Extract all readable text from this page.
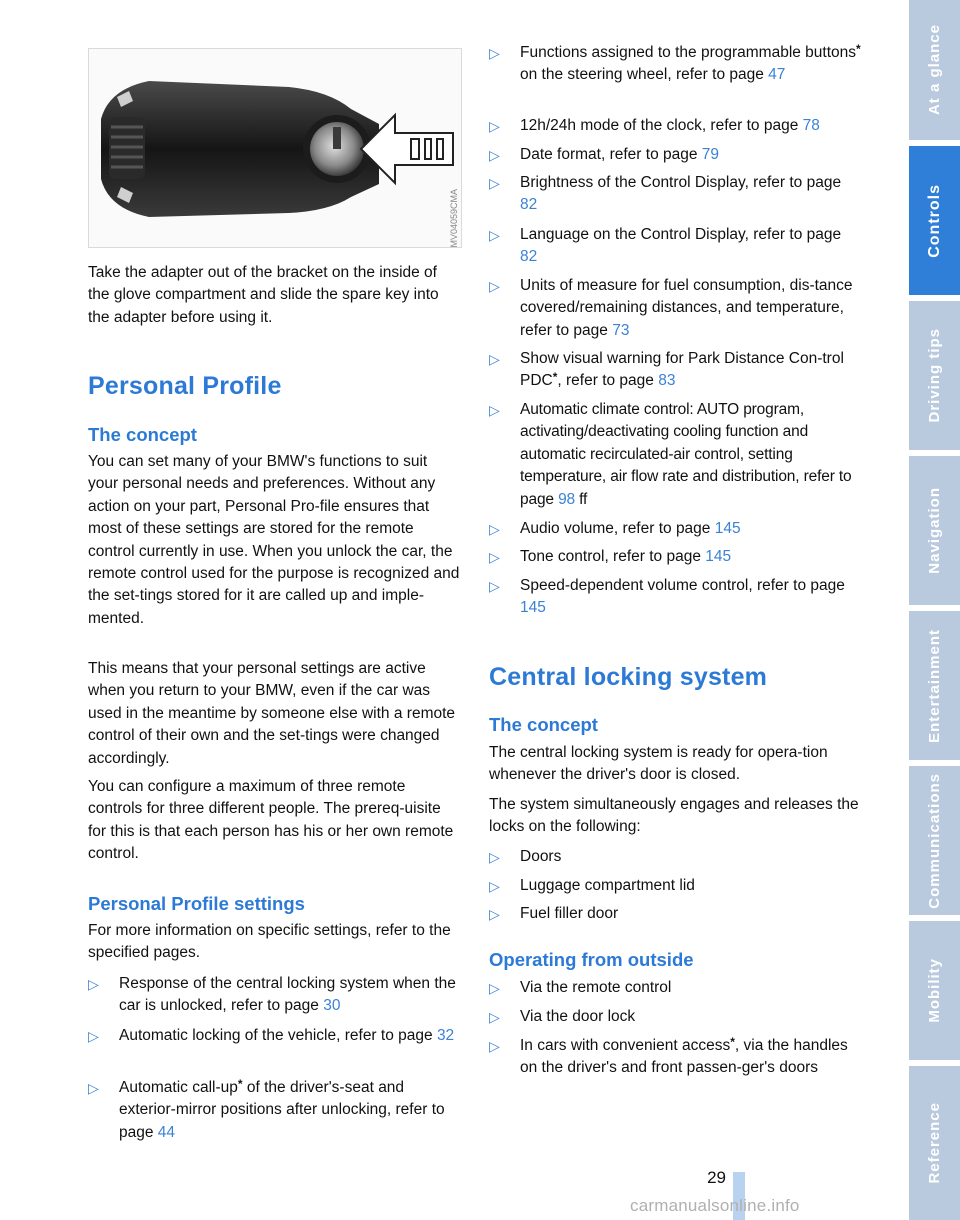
MV04059CMA

Take the adapter out of the bracket on the inside of the glove compartment and slide the spare key into the adapter before using it.

Personal Profile
The concept

You can set many of your BMW's functions to suit your personal needs and preferences. Without any action on your part, Personal Pro-file ensures that most of these settings are stored for the remote control currently in use. When you unlock the car, the remote control used for the purpose is recognized and the set-tings stored for it are called up and imple-mented.

This means that your personal settings are active when you return to your BMW, even if the car was used in the meantime by someone else with a remote control of their own and the set-tings were changed accordingly.

You can configure a maximum of three remote controls for three different people. The prereq-uisite for this is that each person has his or her own remote control.

Personal Profile settings

For more information on specific settings, refer to the specified pages.

▷	Response of the central locking system when the car is unlocked, refer to page 30

▷	Automatic locking of the vehicle, refer to page 32

▷	Automatic call-up* of the driver's-seat and exterior-mirror positions after unlocking, refer to page 44

▷	Functions assigned to the programmable buttons* on the steering wheel, refer to page 47

▷	12h/24h mode of the clock, refer to page 78

▷	Date format, refer to page 79

▷	Brightness of the Control Display, refer to page 82

▷	Language on the Control Display, refer to page 82

▷	Units of measure for fuel consumption, dis-tance covered/remaining distances, and temperature, refer to page 73

▷	Show visual warning for Park Distance Con-trol PDC*, refer to page 83

▷	Automatic climate control: AUTO program, activating/deactivating cooling function and automatic recirculated-air control, setting temperature, air flow rate and distribution, refer to page 98 ff

▷	Audio volume, refer to page 145

▷	Tone control, refer to page 145

▷	Speed-dependent volume control, refer to page 145

Central locking system
The concept

The central locking system is ready for opera-tion whenever the driver's door is closed.

The system simultaneously engages and releases the locks on the following:

▷	Doors

▷	Luggage compartment lid

▷	Fuel filler door

Operating from outside
▷	Via the remote control

▷	Via the door lock

▷	In cars with convenient access*, via the handles on the driver's and front passen-ger's doors

At a glance
Controls
Driving tips
Navigation
Entertainment
Communications
Mobility
Reference
29
carmanualsonline.info
